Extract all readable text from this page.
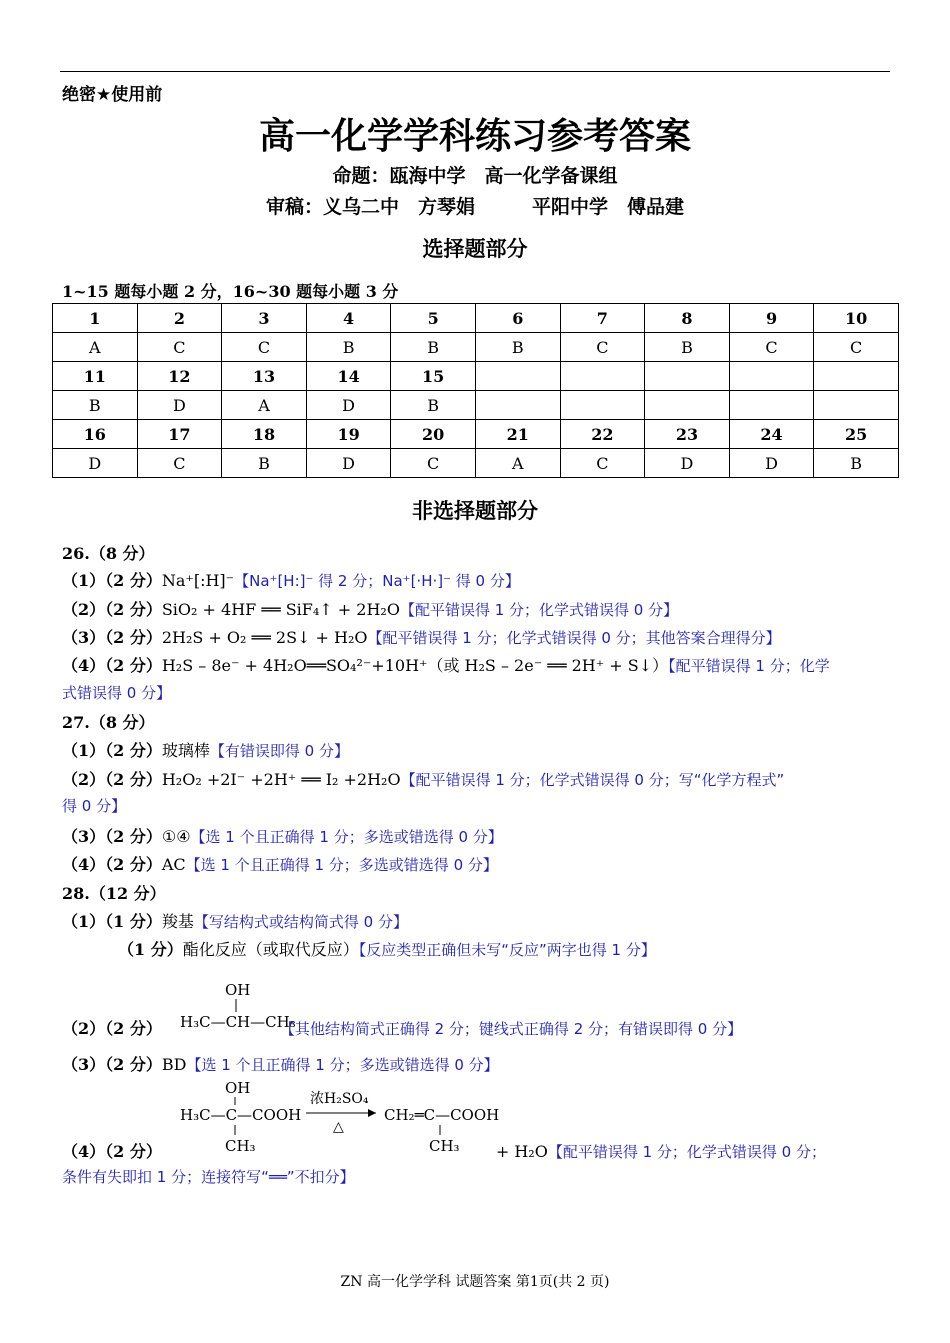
绝密★使用前
高一化学学科练习参考答案
命题：瓯海中学　高一化学备课组
审稿：义乌二中　方琴娟　　　平阳中学　傅品建
选择题部分
1~15 题每小题 2 分，16~30 题每小题 3 分
1	2	3	4	5	6	7	8	9	10
A	C	C	B	B	B	C	B	C	C
11	12	13	14	15					
B	D	A	D	B					
16	17	18	19	20	21	22	23	24	25
D	C	B	D	C	A	C	D	D	B
非选择题部分
26.（8 分）
（1）（2 分）Na⁺[:H]⁻【Na⁺[H:]⁻ 得 2 分；Na⁺[·H·]⁻ 得 0 分】
（2）（2 分）SiO₂ + 4HF ══ SiF₄↑ + 2H₂O【配平错误得 1 分；化学式错误得 0 分】
（3）（2 分）2H₂S + O₂ ══ 2S↓ + H₂O【配平错误得 1 分；化学式错误得 0 分；其他答案合理得分】
（4）（2 分）H₂S – 8e⁻ + 4H₂O══SO₄²⁻+10H⁺（或 H₂S – 2e⁻ ══ 2H⁺ + S↓）【配平错误得 1 分；化学
式错误得 0 分】
27.（8 分）
（1）（2 分）玻璃棒【有错误即得 0 分】
（2）（2 分）H₂O₂ +2I⁻ +2H⁺ ══ I₂ +2H₂O【配平错误得 1 分；化学式错误得 0 分；写“化学方程式”
得 0 分】
（3）（2 分）①④【选 1 个且正确得 1 分；多选或错选得 0 分】
（4）（2 分）AC【选 1 个且正确得 1 分；多选或错选得 0 分】
28.（12 分）
（1）（1 分）羧基【写结构式或结构简式得 0 分】
（1 分）酯化反应（或取代反应）【反应类型正确但未写“反应”两字也得 1 分】
OH
H₃C—CH—CH₃
（2）（2 分）	【其他结构简式正确得 2 分；键线式正确得 2 分；有错误即得 0 分】
（3）（2 分）BD【选 1 个且正确得 1 分；多选或错选得 0 分】
OH
H₃C—C—COOH
CH₃
浓H₂SO₄
△
CH₂═C—COOH
CH₃
（4）（2 分）	+ H₂O【配平错误得 1 分；化学式错误得 0 分；
条件有失即扣 1 分；连接符写“══”不扣分】
ZN 高一化学学科 试题答案 第1页(共 2 页)
